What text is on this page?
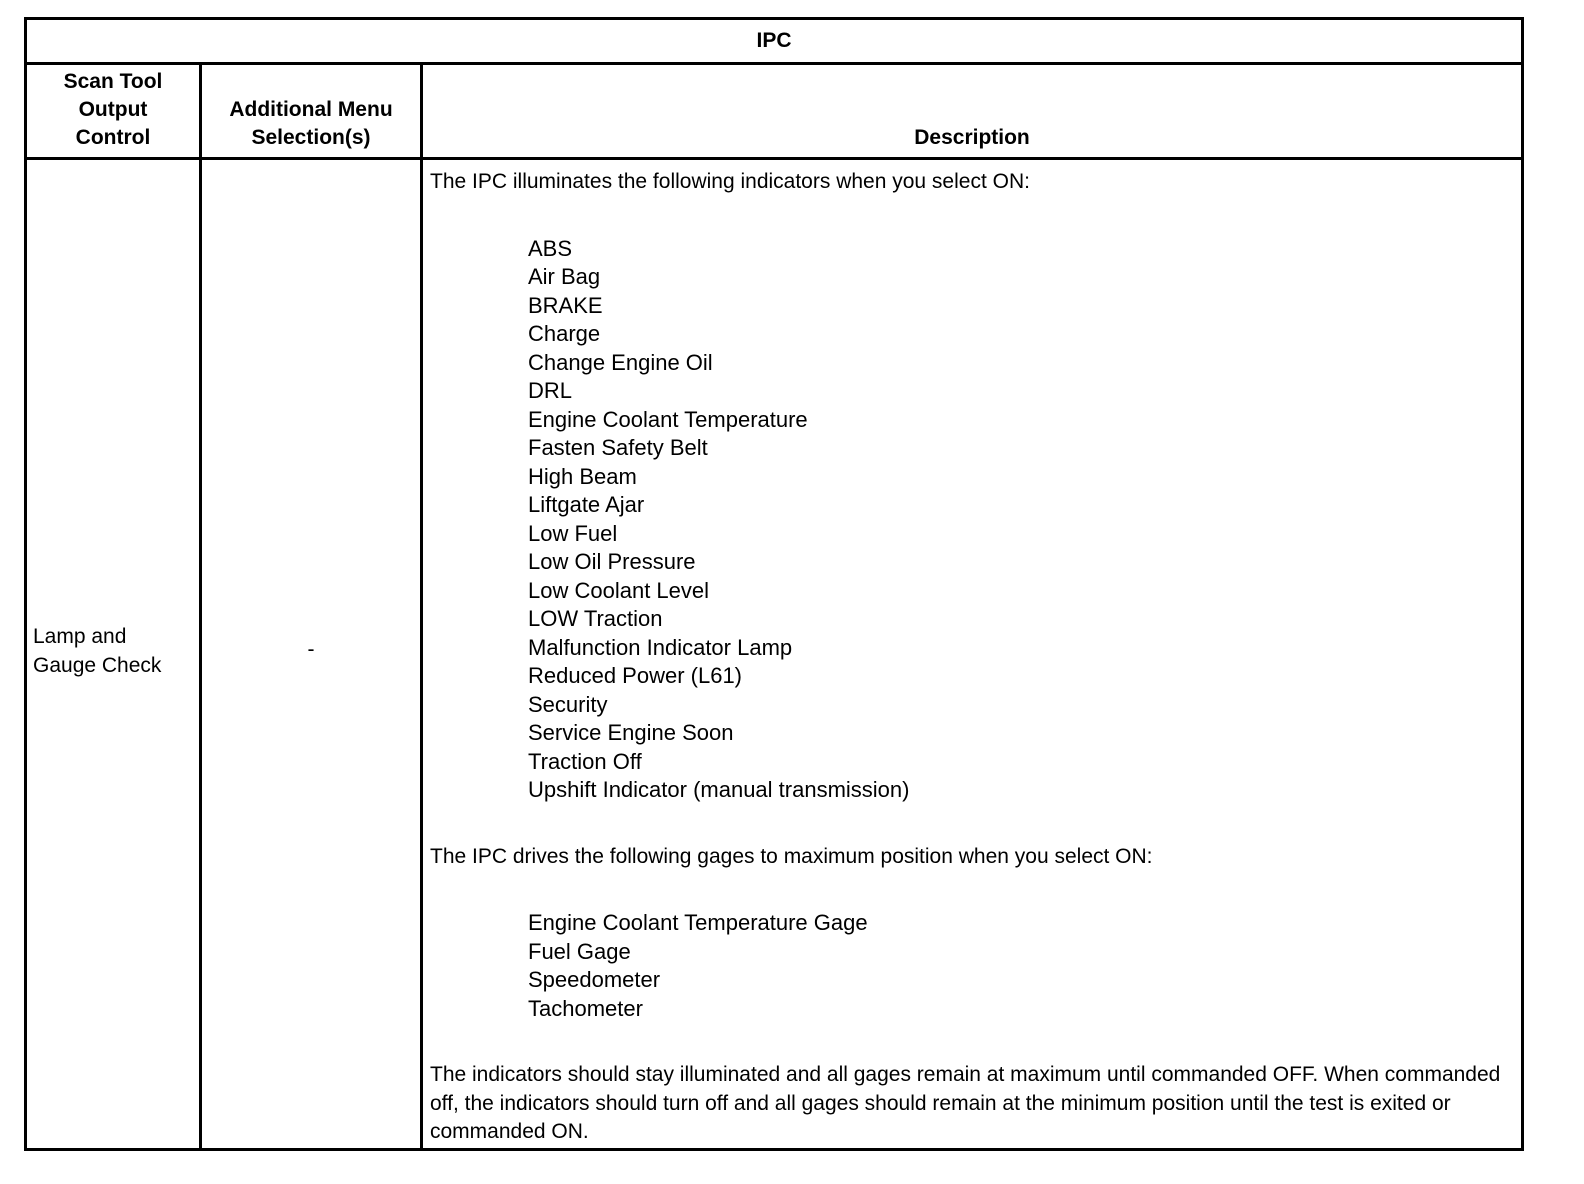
IPC
Scan Tool
Output
Control
Additional Menu
Selection(s)	Description
Lamp and
Gauge Check
-

The IPC illuminates the following indicators when you select ON:

ABS
Air Bag
BRAKE
Charge
Change Engine Oil
DRL
Engine Coolant Temperature
Fasten Safety Belt
High Beam
Liftgate Ajar
Low Fuel
Low Oil Pressure
Low Coolant Level
LOW Traction
Malfunction Indicator Lamp
Reduced Power (L61)
Security
Service Engine Soon
Traction Off
Upshift Indicator (manual transmission)

The IPC drives the following gages to maximum position when you select ON:

Engine Coolant Temperature Gage
Fuel Gage
Speedometer
Tachometer

The indicators should stay illuminated and all gages remain at maximum until commanded OFF. When commanded off, the indicators should turn off and all gages should remain at the minimum position until the test is exited or commanded ON.
